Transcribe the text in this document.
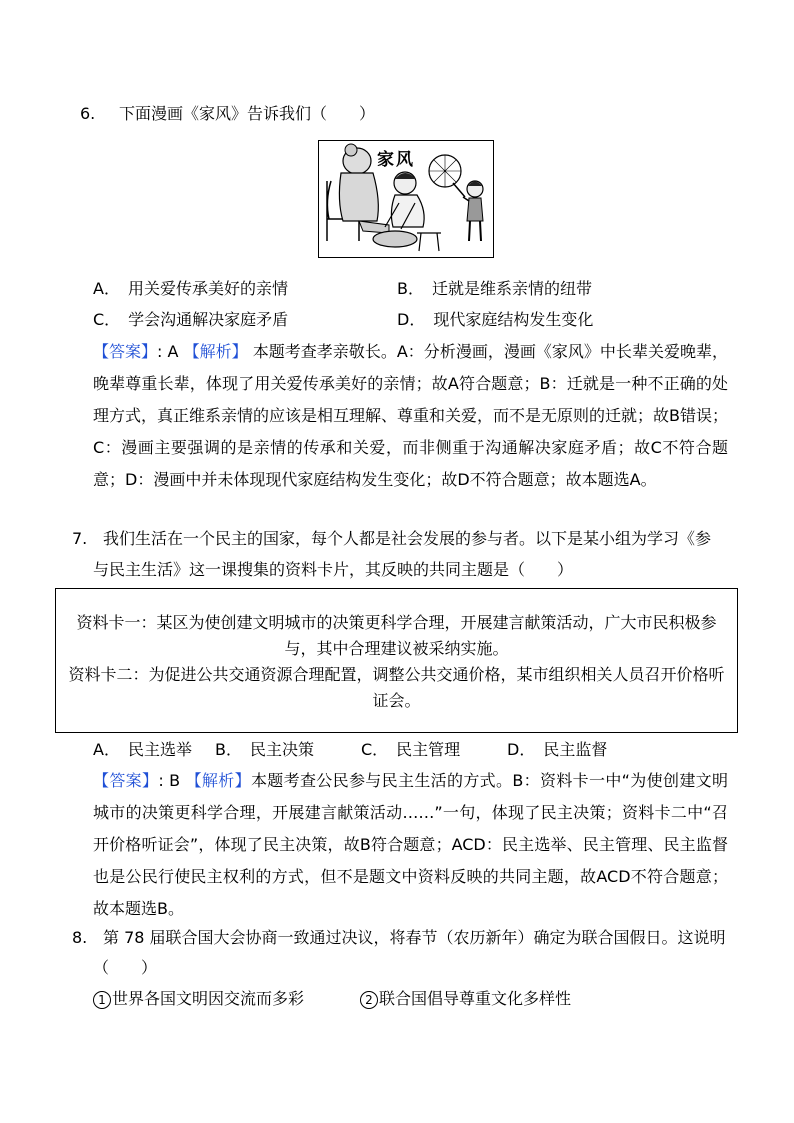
6. 下面漫画《家风》告诉我们（　　）
家风
A．　用关爱传承美好的亲情	B．　迁就是维系亲情的纽带
C．　学会沟通解决家庭矛盾	D．　现代家庭结构发生变化
【答案】: A 【解析】 本题考查孝亲敬长。A：分析漫画，漫画《家风》中长辈关爱晚辈，晚辈尊重长辈，体现了用关爱传承美好的亲情；故A符合题意；B：迁就是一种不正确的处理方式，真正维系亲情的应该是相互理解、尊重和关爱，而不是无原则的迁就；故B错误；C：漫画主要强调的是亲情的传承和关爱，而非侧重于沟通解决家庭矛盾；故C不符合题意；D：漫画中并未体现现代家庭结构发生变化；故D不符合题意；故本题选A。
7. 我们生活在一个民主的国家，每个人都是社会发展的参与者。以下是某小组为学习《参
与民主生活》这一课搜集的资料卡片，其反映的共同主题是（　　）
资料卡一：某区为使创建文明城市的决策更科学合理，开展建言献策活动，广大市民积极参
与，其中合理建议被采纳实施。
资料卡二：为促进公共交通资源合理配置，调整公共交通价格，某市组织相关人员召开价格听
证会。
A．　民主选举 B．　民主决策	C．　民主管理	D．　民主监督
【答案】: B 【解析】本题考查公民参与民主生活的方式。B：资料卡一中“为使创建文明城市的决策更科学合理，开展建言献策活动……”一句，体现了民主决策；资料卡二中“召开价格听证会”，体现了民主决策，故B符合题意；ACD：民主选举、民主管理、民主监督也是公民行使民主权利的方式，但不是题文中资料反映的共同主题，故ACD不符合题意；故本题选B。
8. 第 78 届联合国大会协商一致通过决议，将春节（农历新年）确定为联合国假日。这说明
（　　）
1 世界各国文明因交流而多彩	2 联合国倡导尊重文化多样性
